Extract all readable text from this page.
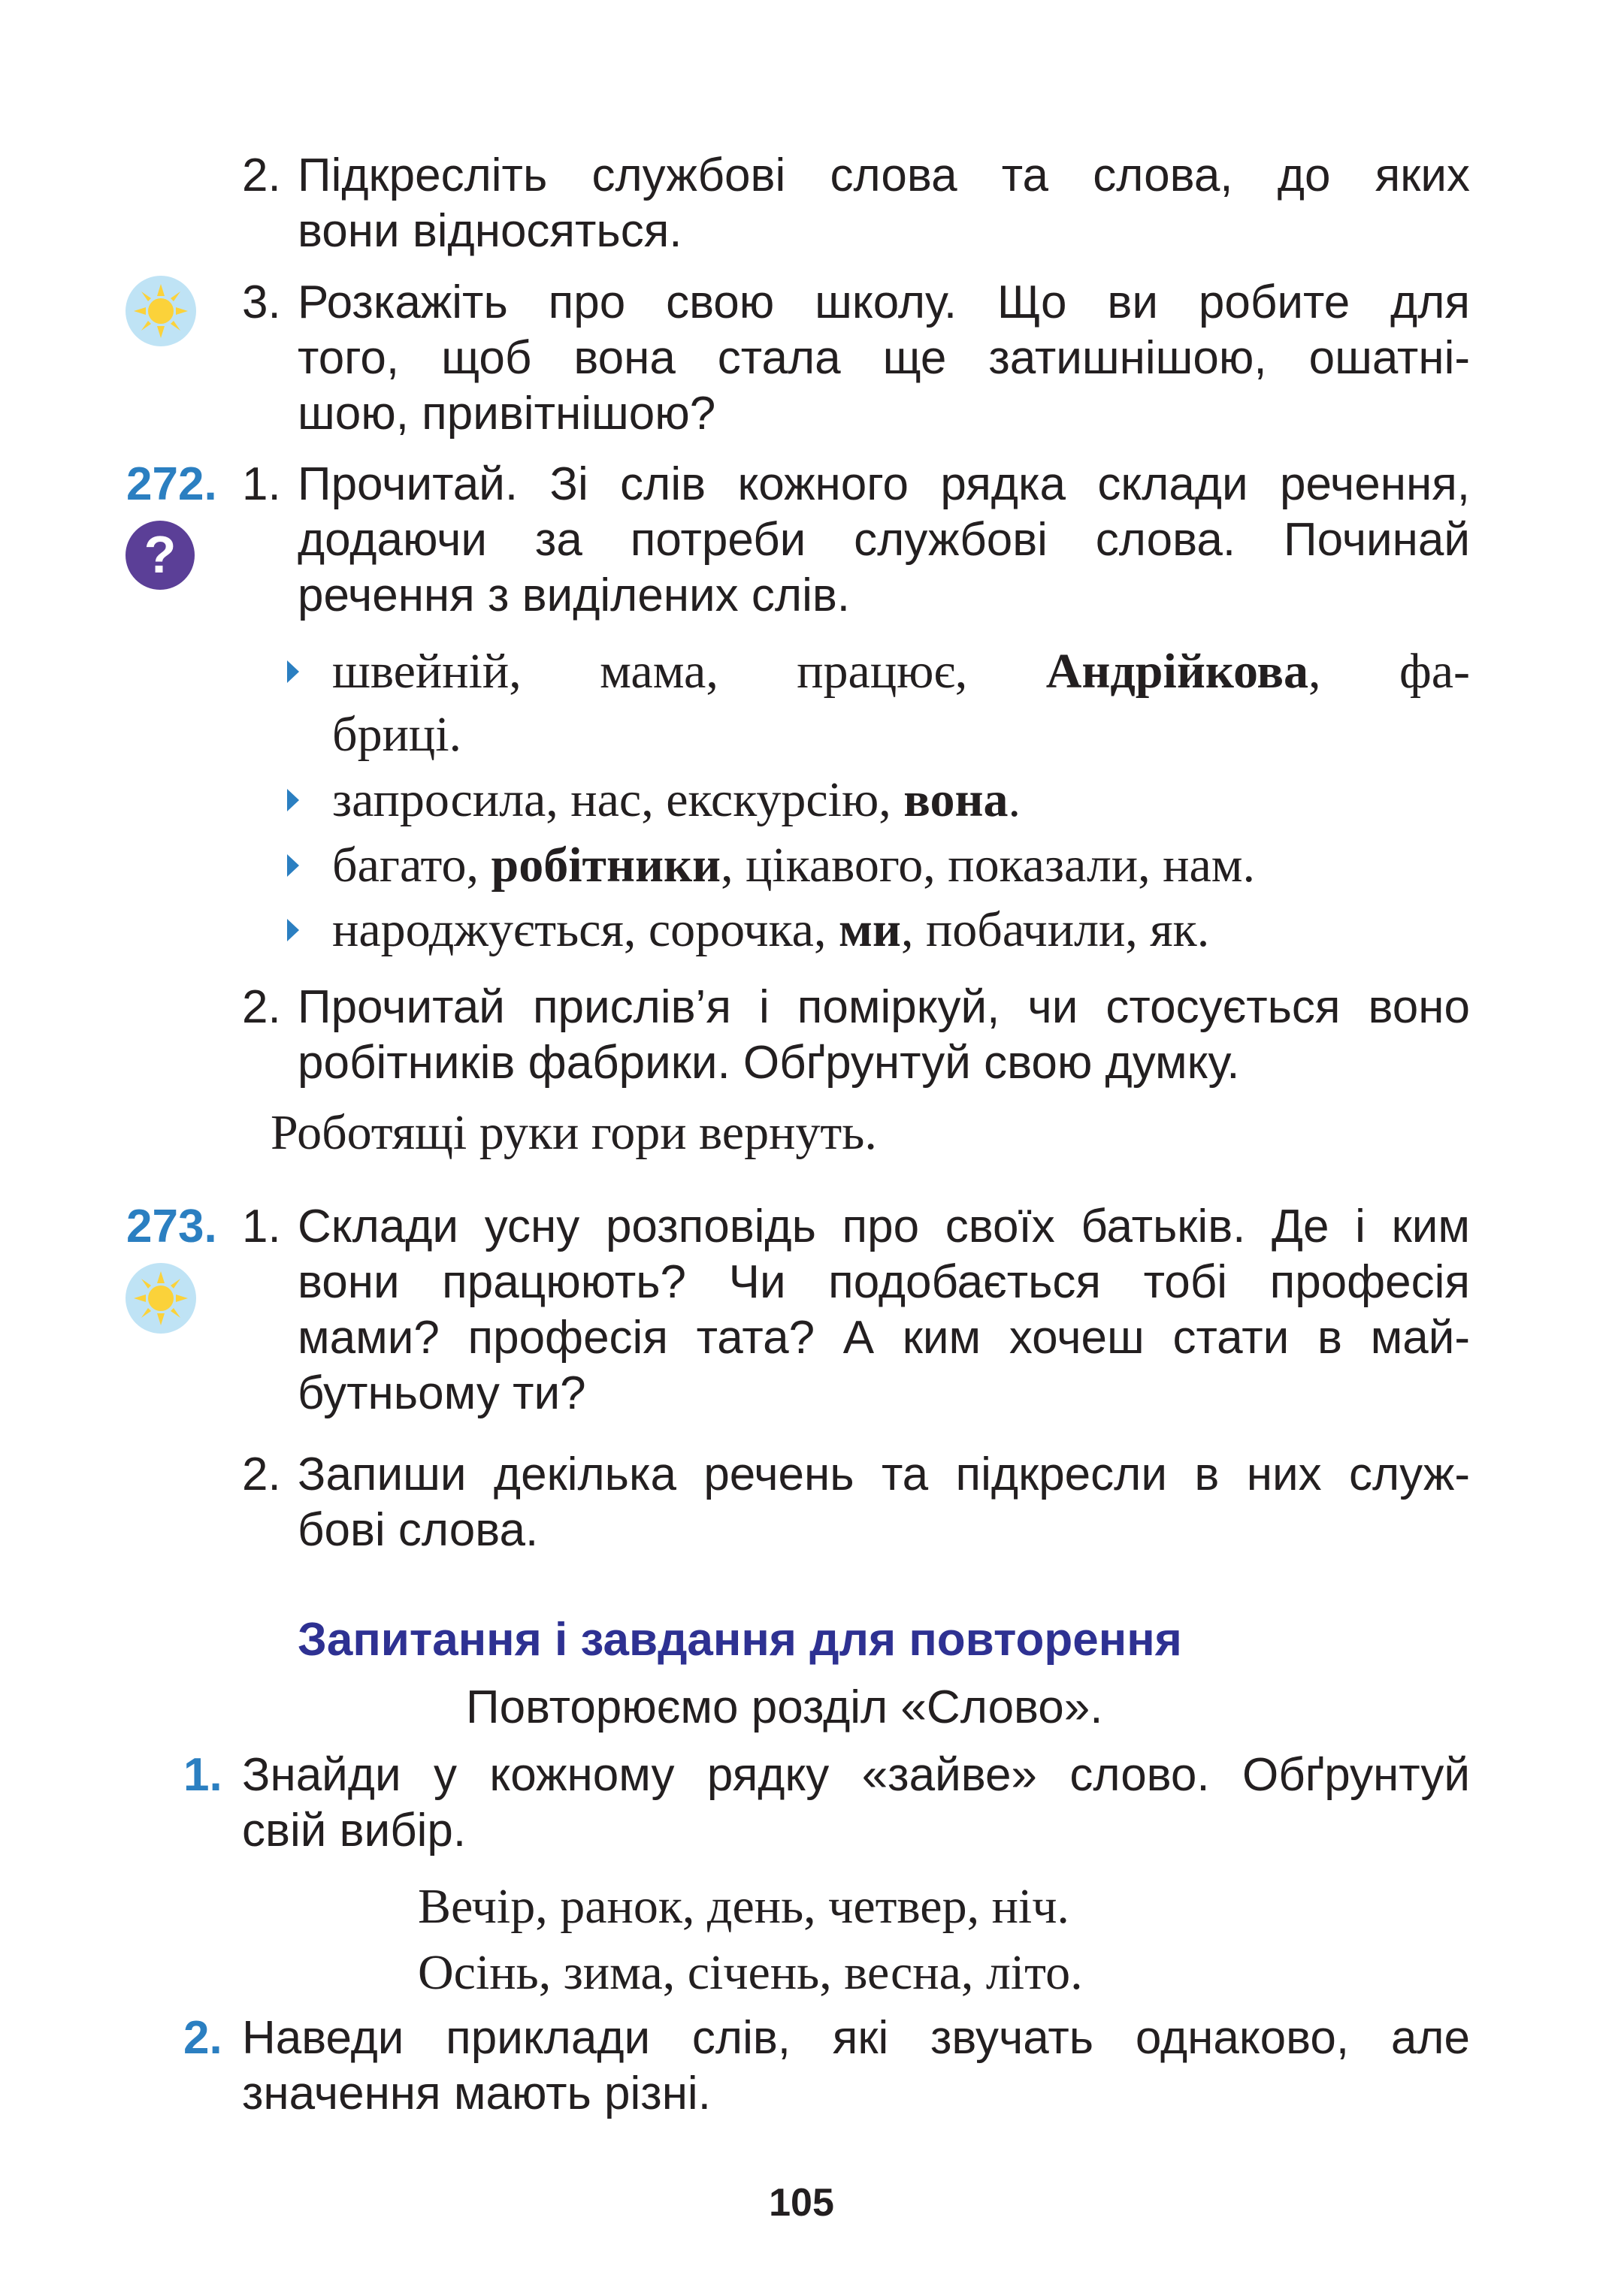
2. Підкресліть службові слова та слова, до яких
вони відносяться.
3. Розкажіть про свою школу. Що ви робите для
того, щоб вона стала ще затишнішою, ошатні-
шою, привітнішою?
272.
?
1. Прочитай. Зі слів кожного рядка склади речення,
додаючи за потреби службові слова. Починай
речення з виділених слів.
швейній, мама, працює, Андрійкова, фа-
бриці.
запросила, нас, екскурсію, вона.
багато, робітники, цікавого, показали, нам.
народжується, сорочка, ми, побачили, як.
2. Прочитай прислів’я і поміркуй, чи стосується воно
робітників фабрики. Обґрунтуй свою думку.
Роботящі руки гори вернуть.
273. 1. Склади усну розповідь про своїх батьків. Де і ким
вони працюють? Чи подобається тобі професія
мами? професія тата? А ким хочеш стати в май-
бутньому ти?
2. Запиши декілька речень та підкресли в них служ-
бові слова.
Запитання і завдання для повторення
Повторюємо розділ «Слово».
1. Знайди у кожному рядку «зайве» слово. Обґрунтуй
свій вибір.
Вечір, ранок, день, четвер, ніч.
Осінь, зима, січень, весна, літо.
2. Наведи приклади слів, які звучать однаково, але
значення мають різні.
105
